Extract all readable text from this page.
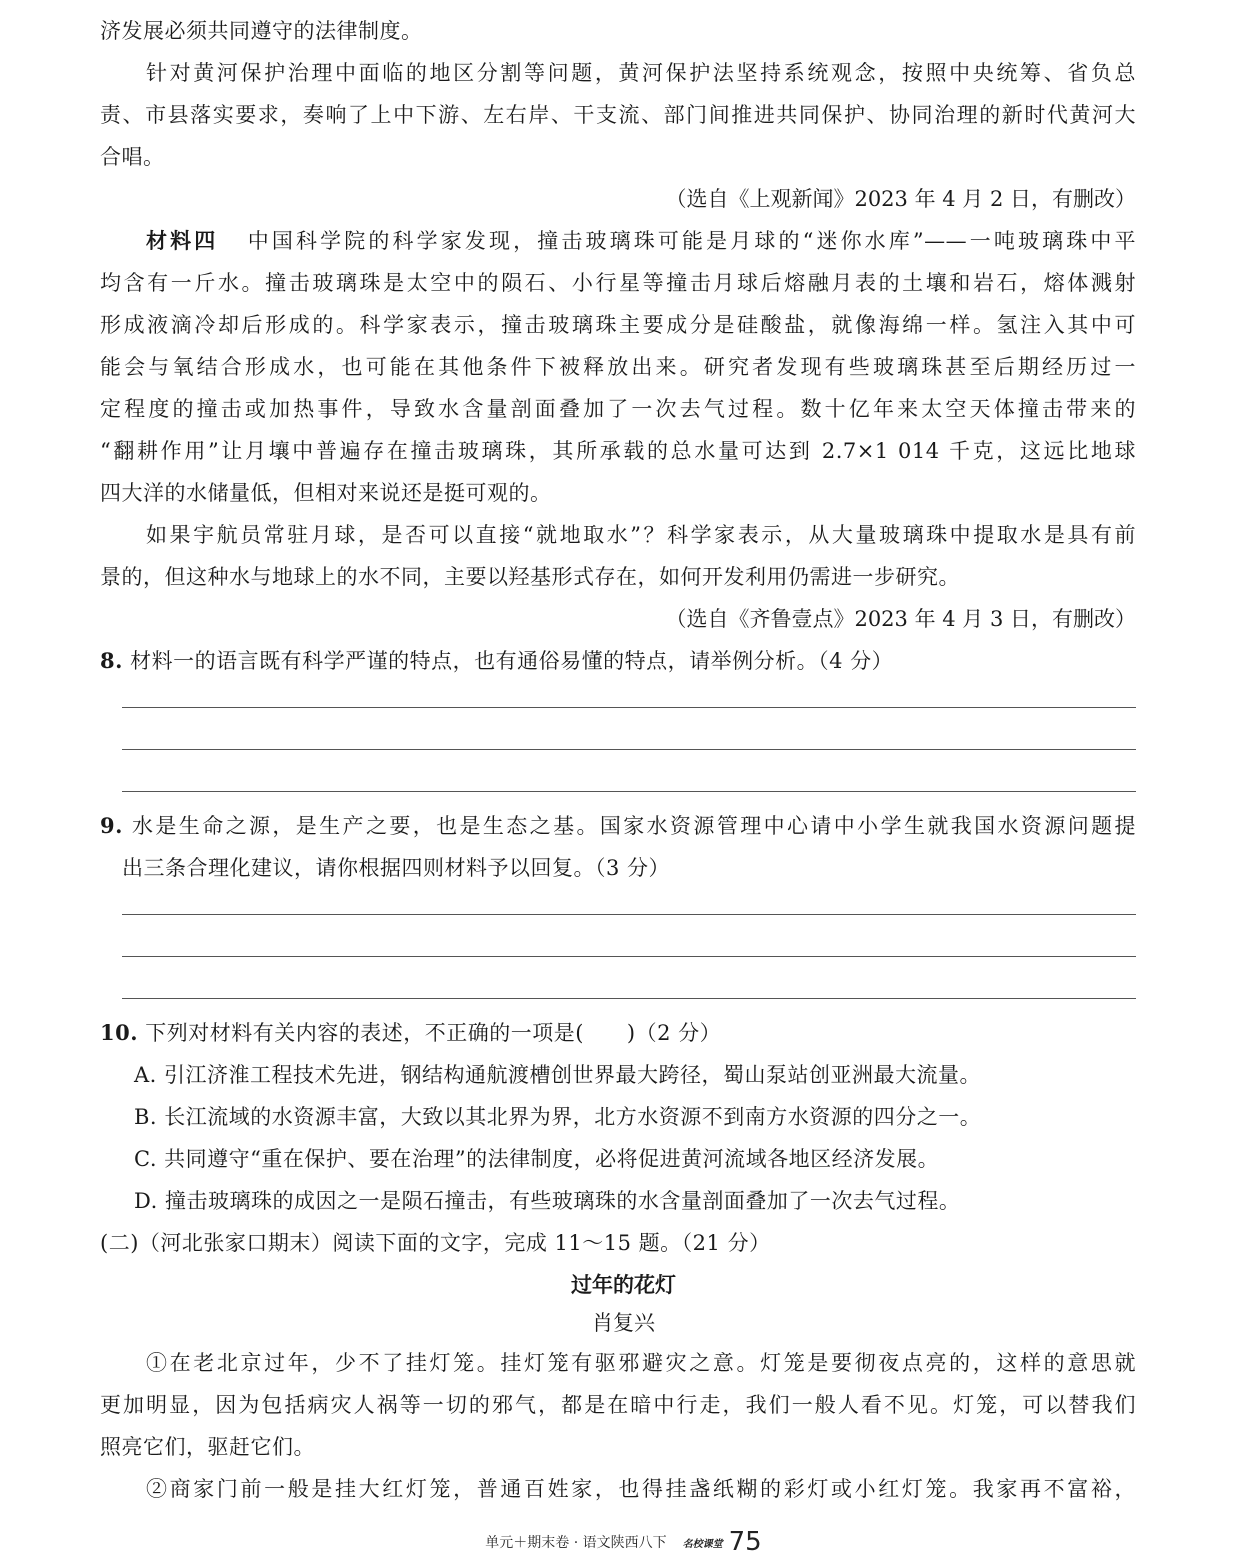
济发展必须共同遵守的法律制度。
针对黄河保护治理中面临的地区分割等问题，黄河保护法坚持系统观念，按照中央统筹、省负总
责、市县落实要求，奏响了上中下游、左右岸、干支流、部门间推进共同保护、协同治理的新时代黄河大
合唱。
（选自《上观新闻》2023 年 4 月 2 日，有删改）
材料四 中国科学院的科学家发现，撞击玻璃珠可能是月球的“迷你水库”——一吨玻璃珠中平
均含有一斤水。撞击玻璃珠是太空中的陨石、小行星等撞击月球后熔融月表的土壤和岩石，熔体溅射
形成液滴冷却后形成的。科学家表示，撞击玻璃珠主要成分是硅酸盐，就像海绵一样。氢注入其中可
能会与氧结合形成水，也可能在其他条件下被释放出来。研究者发现有些玻璃珠甚至后期经历过一
定程度的撞击或加热事件，导致水含量剖面叠加了一次去气过程。数十亿年来太空天体撞击带来的
“翻耕作用”让月壤中普遍存在撞击玻璃珠，其所承载的总水量可达到 2.7×1 014 千克，这远比地球
四大洋的水储量低，但相对来说还是挺可观的。
如果宇航员常驻月球，是否可以直接“就地取水”？科学家表示，从大量玻璃珠中提取水是具有前
景的，但这种水与地球上的水不同，主要以羟基形式存在，如何开发利用仍需进一步研究。
（选自《齐鲁壹点》2023 年 4 月 3 日，有删改）
8. 材料一的语言既有科学严谨的特点，也有通俗易懂的特点，请举例分析。（4 分）
9. 水是生命之源，是生产之要，也是生态之基。国家水资源管理中心请中小学生就我国水资源问题提
出三条合理化建议，请你根据四则材料予以回复。（3 分）
10. 下列对材料有关内容的表述，不正确的一项是(　　)（2 分）
A. 引江济淮工程技术先进，钢结构通航渡槽创世界最大跨径，蜀山泵站创亚洲最大流量。
B. 长江流域的水资源丰富，大致以其北界为界，北方水资源不到南方水资源的四分之一。
C. 共同遵守“重在保护、要在治理”的法律制度，必将促进黄河流域各地区经济发展。
D. 撞击玻璃珠的成因之一是陨石撞击，有些玻璃珠的水含量剖面叠加了一次去气过程。
(二)（河北张家口期末）阅读下面的文字，完成 11～15 题。（21 分）
过年的花灯
肖复兴
①在老北京过年，少不了挂灯笼。挂灯笼有驱邪避灾之意。灯笼是要彻夜点亮的，这样的意思就
更加明显，因为包括病灾人祸等一切的邪气，都是在暗中行走，我们一般人看不见。灯笼，可以替我们
照亮它们，驱赶它们。
②商家门前一般是挂大红灯笼，普通百姓家，也得挂盏纸糊的彩灯或小红灯笼。我家再不富裕，
单元＋期末卷 · 语文陕西八下 名校课堂 75
